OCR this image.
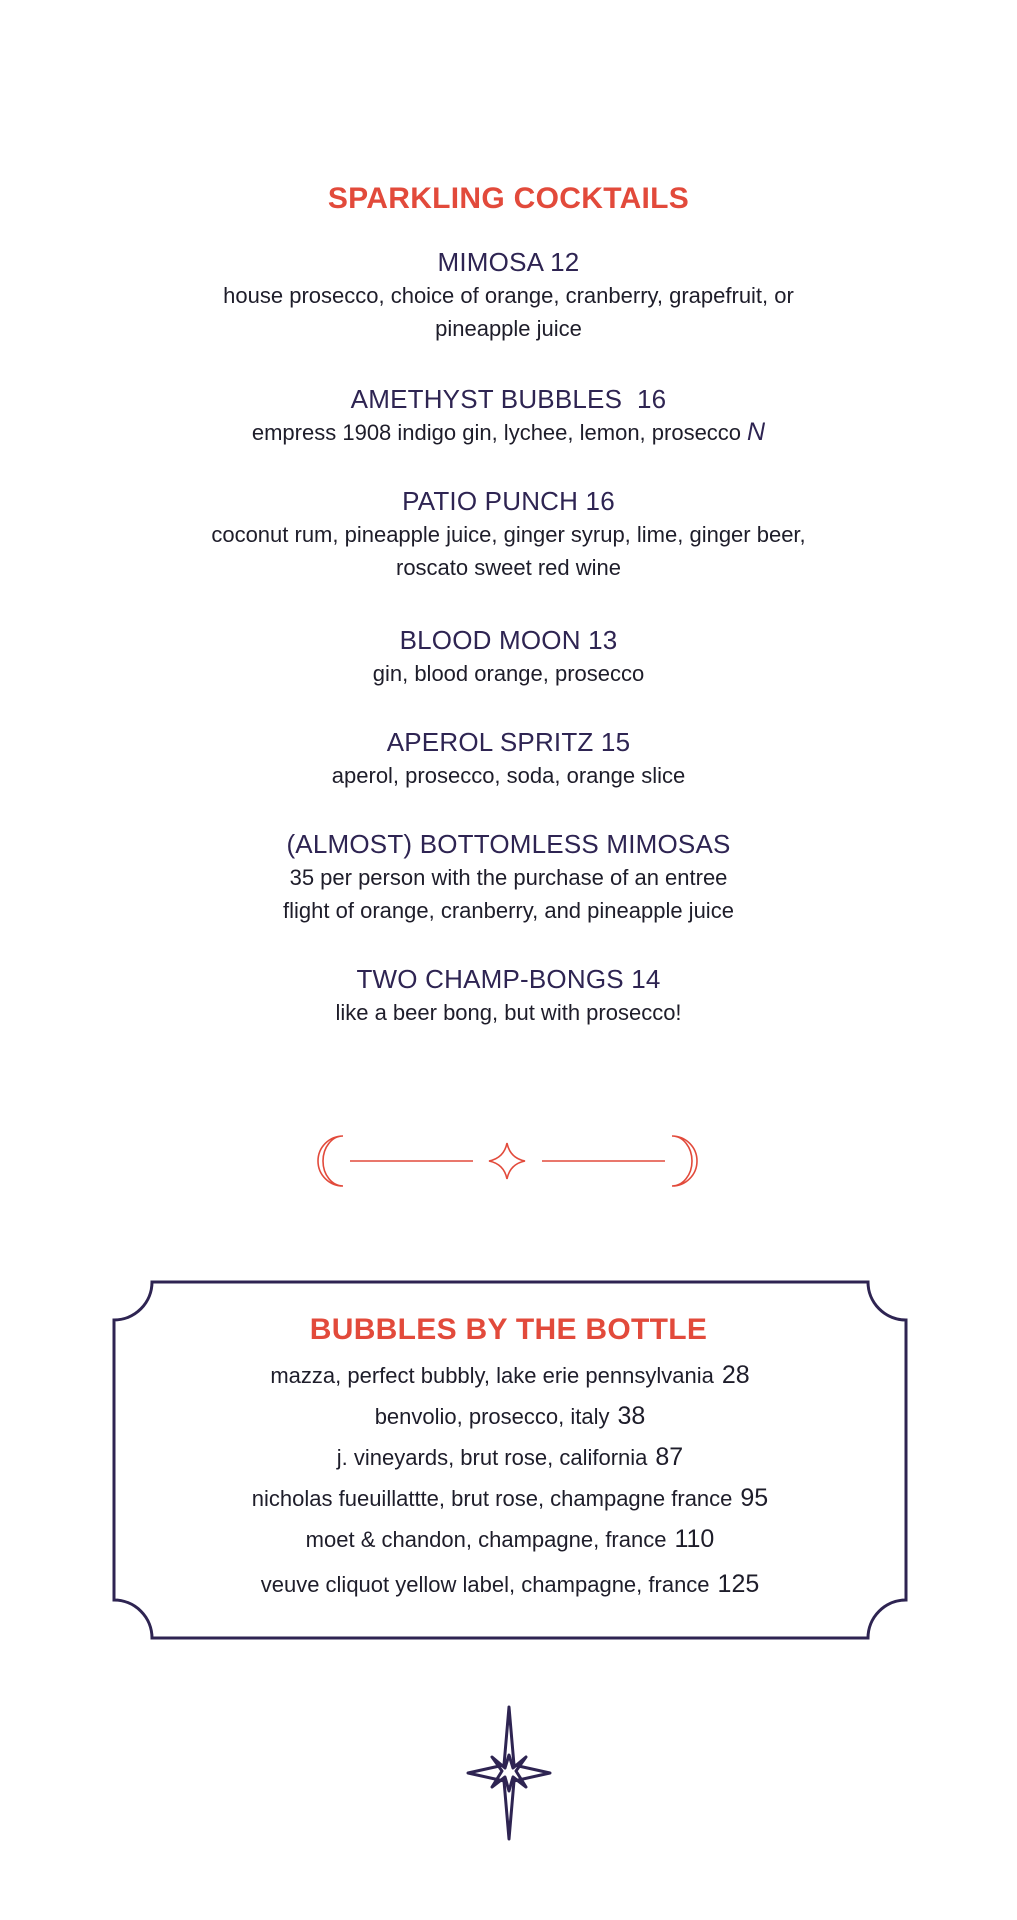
SPARKLING COCKTAILS
MIMOSA 12
house prosecco, choice of orange, cranberry, grapefruit, or
pineapple juice
AMETHYST BUBBLES  16
empress 1908 indigo gin, lychee, lemon, prosecco N
PATIO PUNCH 16
coconut rum, pineapple juice, ginger syrup, lime, ginger beer,
roscato sweet red wine
BLOOD MOON 13
gin, blood orange, prosecco
APEROL SPRITZ 15
aperol, prosecco, soda, orange slice
(ALMOST) BOTTOMLESS MIMOSAS
35 per person with the purchase of an entree
flight of orange, cranberry, and pineapple juice
TWO CHAMP-BONGS 14
like a beer bong, but with prosecco!
BUBBLES BY THE BOTTLE
mazza, perfect bubbly, lake erie pennsylvania 28
benvolio, prosecco, italy 38
j. vineyards, brut rose, california 87
nicholas fueuillattte, brut rose, champagne france 95
moet & chandon, champagne, france 110
veuve cliquot yellow label, champagne, france 125
